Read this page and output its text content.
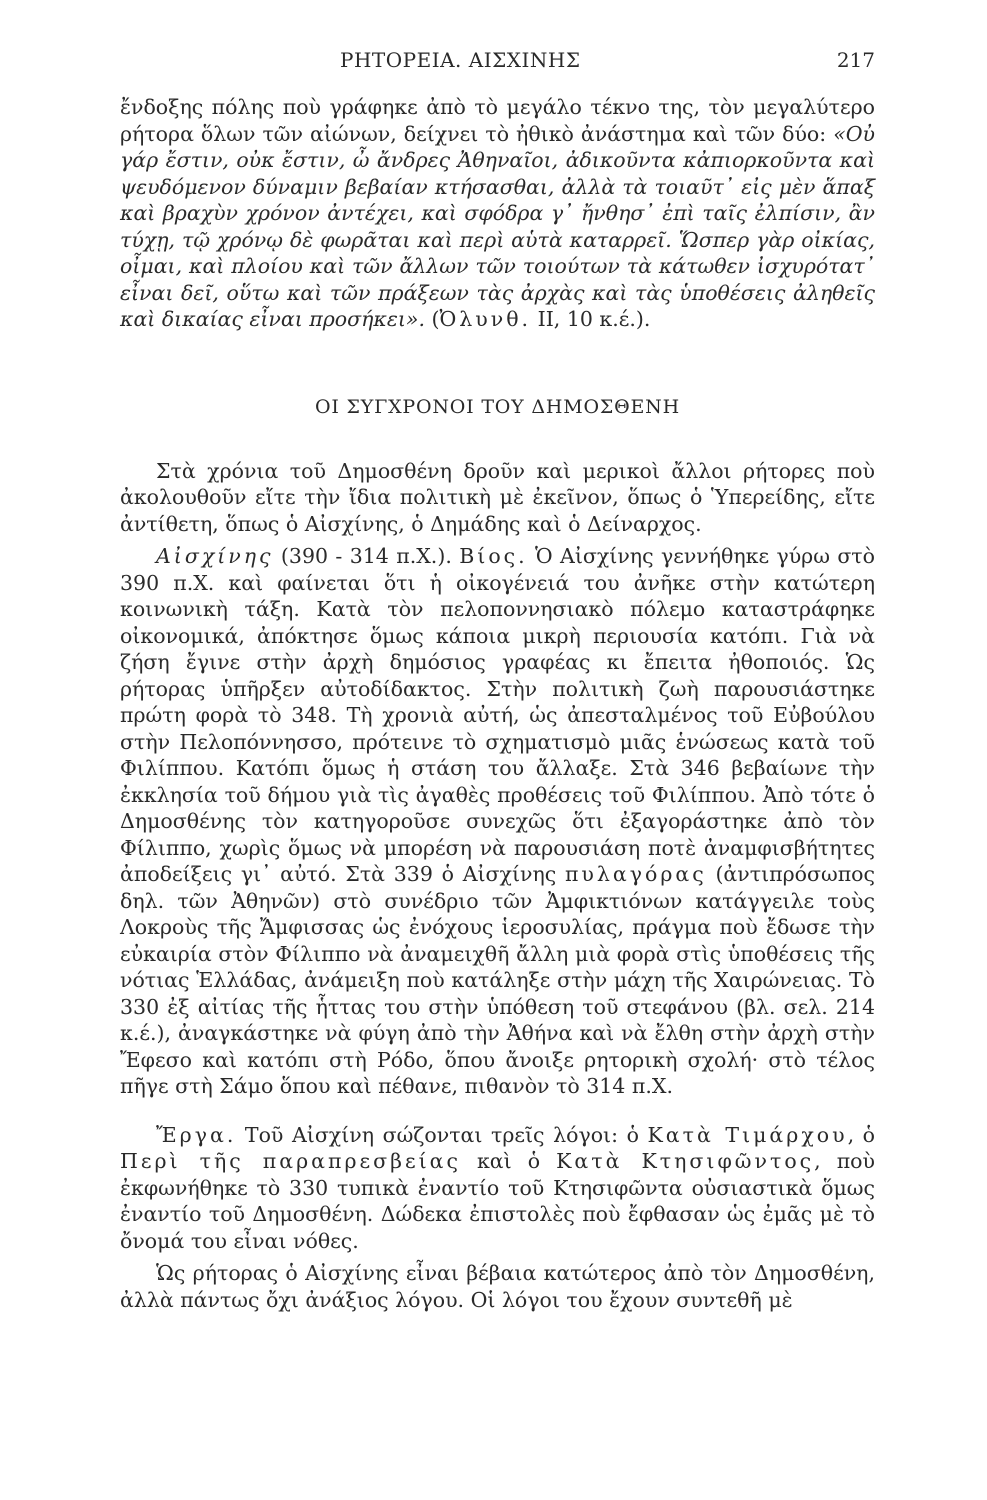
ΡΗΤΟΡΕΙΑ. ΑΙΣΧΙΝΗΣ	217

ἔνδοξης πόλης ποὺ γράφηκε ἀπὸ τὸ μεγάλο τέκνο της, τὸν μεγαλύτερο ρήτορα ὅλων τῶν αἰώνων, δείχνει τὸ ἠθικὸ ἀνάστημα καὶ τῶν δύο: «Οὐ γάρ ἔστιν, οὐκ ἔστιν, ὦ ἄνδρες Ἀθηναῖοι, ἀδικοῦντα κἀπιορκοῦντα καὶ ψευδόμενον δύναμιν βεβαίαν κτήσασθαι, ἀλλὰ τὰ τοιαῦτ᾿ εἰς μὲν ἅπαξ καὶ βραχὺν χρόνον ἀντέχει, καὶ σφόδρα γ᾿ ἤνθησ᾿ ἐπὶ ταῖς ἐλπίσιν, ἂν τύχῃ, τῷ χρόνῳ δὲ φωρᾶται καὶ περὶ αὑτὰ καταρρεῖ. Ὥσπερ γὰρ οἰκίας, οἶμαι, καὶ πλοίου καὶ τῶν ἄλλων τῶν τοιούτων τὰ κάτωθεν ἰσχυρότατ᾿ εἶναι δεῖ, οὕτω καὶ τῶν πράξεων τὰς ἀρχὰς καὶ τὰς ὑποθέσεις ἀληθεῖς καὶ δικαίας εἶναι προσήκει». (Ὀλυνθ. ΙΙ, 10 κ.έ.).

ΟΙ ΣΥΓΧΡΟΝΟΙ ΤΟΥ ΔΗΜΟΣΘΕΝΗ

Στὰ χρόνια τοῦ Δημοσθένη δροῦν καὶ μερικοὶ ἄλλοι ρήτορες ποὺ ἀκολουθοῦν εἴτε τὴν ἴδια πολιτικὴ μὲ ἐκεῖνον, ὅπως ὁ Ὑπερείδης, εἴτε ἀντίθετη, ὅπως ὁ Αἰσχίνης, ὁ Δημάδης καὶ ὁ Δείναρχος.

Αἰσχίνης (390 - 314 π.Χ.). Βίος. Ὁ Αἰσχίνης γεννήθηκε γύρω στὸ 390 π.Χ. καὶ φαίνεται ὅτι ἡ οἰκογένειά του ἀνῆκε στὴν κατώτερη κοινωνικὴ τάξη. Κατὰ τὸν πελοποννησιακὸ πόλεμο καταστράφηκε οἰκονομικά, ἀπόκτησε ὅμως κάποια μικρὴ περιουσία κατόπι. Γιὰ νὰ ζήση ἔγινε στὴν ἀρχὴ δημόσιος γραφέας κι ἔπειτα ἠθοποιός. Ὡς ρήτορας ὑπῆρξεν αὐτοδίδακτος. Στὴν πολιτικὴ ζωὴ παρουσιάστηκε πρώτη φορὰ τὸ 348. Τὴ χρονιὰ αὐτή, ὡς ἀπεσταλμένος τοῦ Εὐβούλου στὴν Πελοπόννησσο, πρότεινε τὸ σχηματισμὸ μιᾶς ἑνώσεως κατὰ τοῦ Φιλίππου. Κατόπι ὅμως ἡ στάση του ἄλλαξε. Στὰ 346 βεβαίωνε τὴν ἐκκλησία τοῦ δήμου γιὰ τὶς ἀγαθὲς προθέσεις τοῦ Φιλίππου. Ἀπὸ τότε ὁ Δημοσθένης τὸν κατηγοροῦσε συνεχῶς ὅτι ἐξαγοράστηκε ἀπὸ τὸν Φίλιππο, χωρὶς ὅμως νὰ μπορέση νὰ παρουσιάση ποτὲ ἀναμφισβήτητες ἀποδείξεις γι᾿ αὐτό. Στὰ 339 ὁ Αἰσχίνης πυλαγόρας (ἀντιπρόσωπος δηλ. τῶν Ἀθηνῶν) στὸ συνέδριο τῶν Ἀμφικτιόνων κατάγγειλε τοὺς Λοκροὺς τῆς Ἄμφισσας ὡς ἐνόχους ἱεροσυλίας, πράγμα ποὺ ἔδωσε τὴν εὐκαιρία στὸν Φίλιππο νὰ ἀναμειχθῆ ἄλλη μιὰ φορὰ στὶς ὑποθέσεις τῆς νότιας Ἑλλάδας, ἀνάμειξη ποὺ κατάληξε στὴν μάχη τῆς Χαιρώνειας. Τὸ 330 ἐξ αἰτίας τῆς ἧττας του στὴν ὑπόθεση τοῦ στεφάνου (βλ. σελ. 214 κ.έ.), ἀναγκάστηκε νὰ φύγη ἀπὸ τὴν Ἀθήνα καὶ νὰ ἔλθη στὴν ἀρχὴ στὴν Ἔφεσο καὶ κατόπι στὴ Ρόδο, ὅπου ἄνοιξε ρητορικὴ σχολή· στὸ τέλος πῆγε στὴ Σάμο ὅπου καὶ πέθανε, πιθανὸν τὸ 314 π.Χ.

Ἔργα. Τοῦ Αἰσχίνη σώζονται τρεῖς λόγοι: ὁ Κατὰ Τιμάρχου, ὁ Περὶ τῆς παραπρεσβείας καὶ ὁ Κατὰ Κτησιφῶντος, ποὺ ἐκφωνήθηκε τὸ 330 τυπικὰ ἐναντίο τοῦ Κτησιφῶντα οὐσιαστικὰ ὅμως ἐναντίο τοῦ Δημοσθένη. Δώδεκα ἐπιστολὲς ποὺ ἔφθασαν ὡς ἐμᾶς μὲ τὸ ὄνομά του εἶναι νόθες.

Ὡς ρήτορας ὁ Αἰσχίνης εἶναι βέβαια κατώτερος ἀπὸ τὸν Δημοσθένη, ἀλλὰ πάντως ὄχι ἀνάξιος λόγου. Οἱ λόγοι του ἔχουν συντεθῆ μὲ
